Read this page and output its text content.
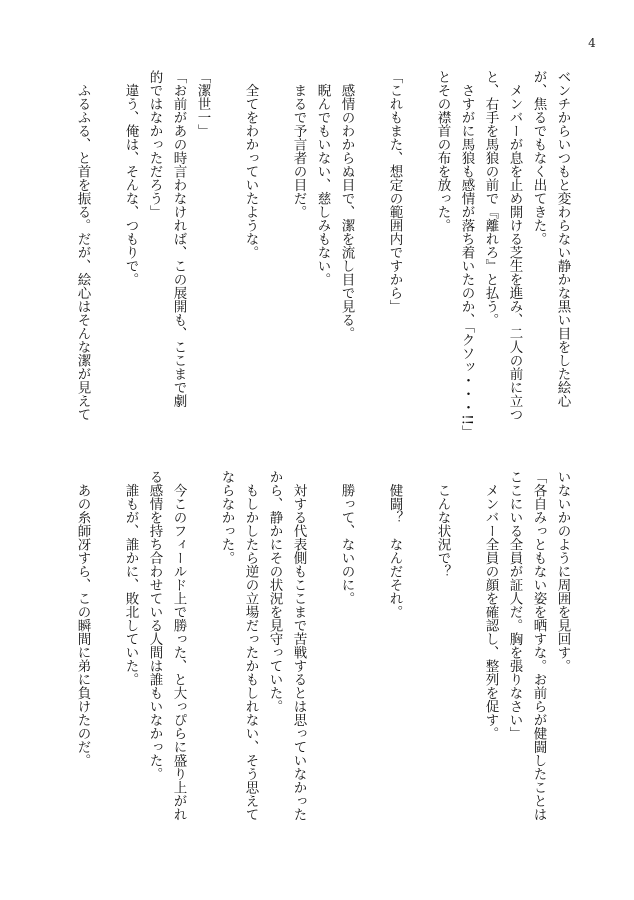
4
ベンチからいつもと変わらない静かな黒い目をした絵心
が、焦るでもなく出てきた。
　メンバーが息を止め開ける芝生を進み、二人の前に立つ
と、右手を馬狼の前で『離れろ』と払う。
　さすがに馬狼も感情が落ち着いたのか、「クソッ・・・!!」
とその襟首の布を放った。
「これもまた、想定の範囲内ですから」
　感情のわからぬ目で、潔を流し目で見る。
　睨んでもいない、慈しみもない。
　まるで予言者の目だ。
　全てをわかっていたような。
「潔世一」
「お前があの時言わなければ、この展開も、ここまで劇
的ではなかっただろう」
　違う、俺は、そんな、つもりで。
　ふるふる、と首を振る。だが、絵心はそんな潔が見えて
いないかのように周囲を見回す。
「各自みっともない姿を晒すな。お前らが健闘したことは
ここにいる全員が証人だ。胸を張りなさい」
　メンバー全員の顔を確認し、整列を促す。
　こんな状況で？
　健闘？　なんだそれ。
　勝って、ないのに。
　対する代表側もここまで苦戦するとは思っていなかった
から、静かにその状況を見守っていた。
　もしかしたら逆の立場だったかもしれない、そう思えて
ならなかった。
　今このフィールド上で勝った、と大っぴらに盛り上がれ
る感情を持ち合わせている人間は誰もいなかった。
　誰もが、誰かに、敗北していた。
　あの糸師冴すら、この瞬間に弟に負けたのだ。
